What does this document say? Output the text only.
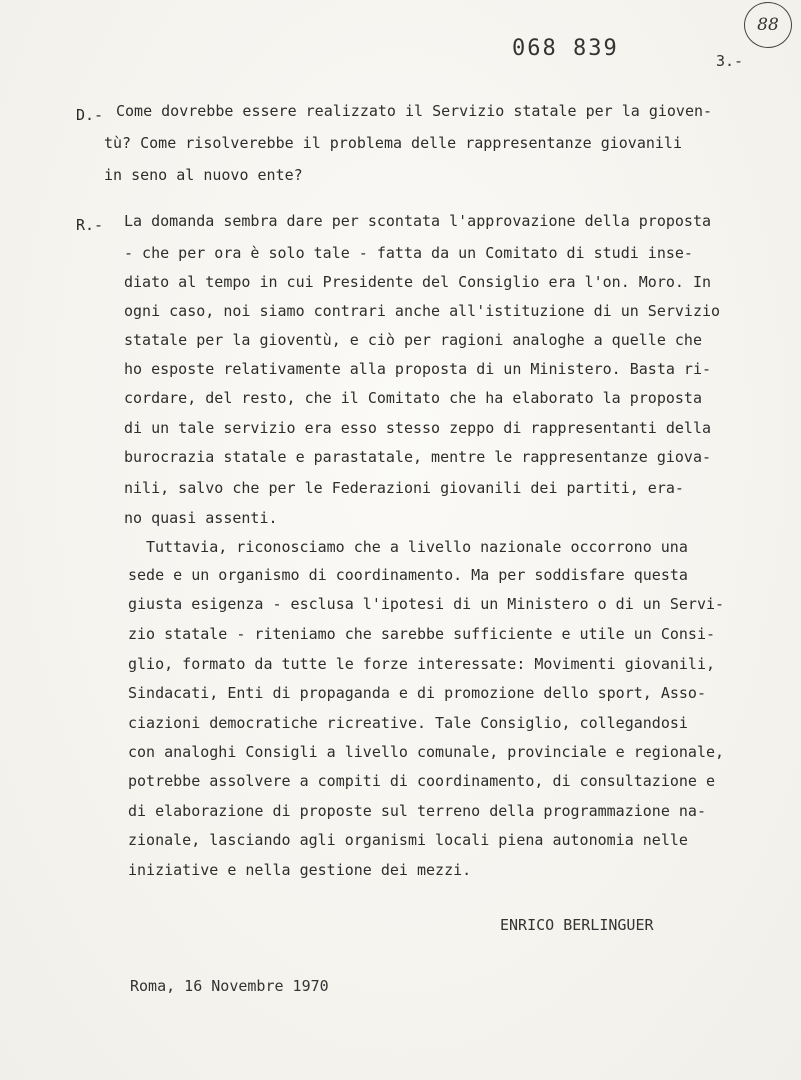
068 839	3.-
88
D.- Come dovrebbe essere realizzato il Servizio statale per la gioven-
tù? Come risolverebbe il problema delle rappresentanze giovanili
in seno al nuovo ente?
R.- La domanda sembra dare per scontata l'approvazione della proposta
- che per ora è solo tale - fatta da un Comitato di studi inse-
diato al tempo in cui Presidente del Consiglio era l'on. Moro. In
ogni caso, noi siamo contrari anche all'istituzione di un Servizio
statale per la gioventù, e ciò per ragioni analoghe a quelle che
ho esposte relativamente alla proposta di un Ministero. Basta ri-
cordare, del resto, che il Comitato che ha elaborato la proposta
di un tale servizio era esso stesso zeppo di rappresentanti della
burocrazia statale e parastatale, mentre le rappresentanze giova-
nili, salvo che per le Federazioni giovanili dei partiti, era-
no quasi assenti.
Tuttavia, riconosciamo che a livello nazionale occorrono una
sede e un organismo di coordinamento. Ma per soddisfare questa
giusta esigenza - esclusa l'ipotesi di un Ministero o di un Servi-
zio statale - riteniamo che sarebbe sufficiente e utile un Consi-
glio, formato da tutte le forze interessate: Movimenti giovanili,
Sindacati, Enti di propaganda e di promozione dello sport, Asso-
ciazioni democratiche ricreative. Tale Consiglio, collegandosi
con analoghi Consigli a livello comunale, provinciale e regionale,
potrebbe assolvere a compiti di coordinamento, di consultazione e
di elaborazione di proposte sul terreno della programmazione na-
zionale, lasciando agli organismi locali piena autonomia nelle
iniziative e nella gestione dei mezzi.
ENRICO BERLINGUER
Roma, 16 Novembre 1970
